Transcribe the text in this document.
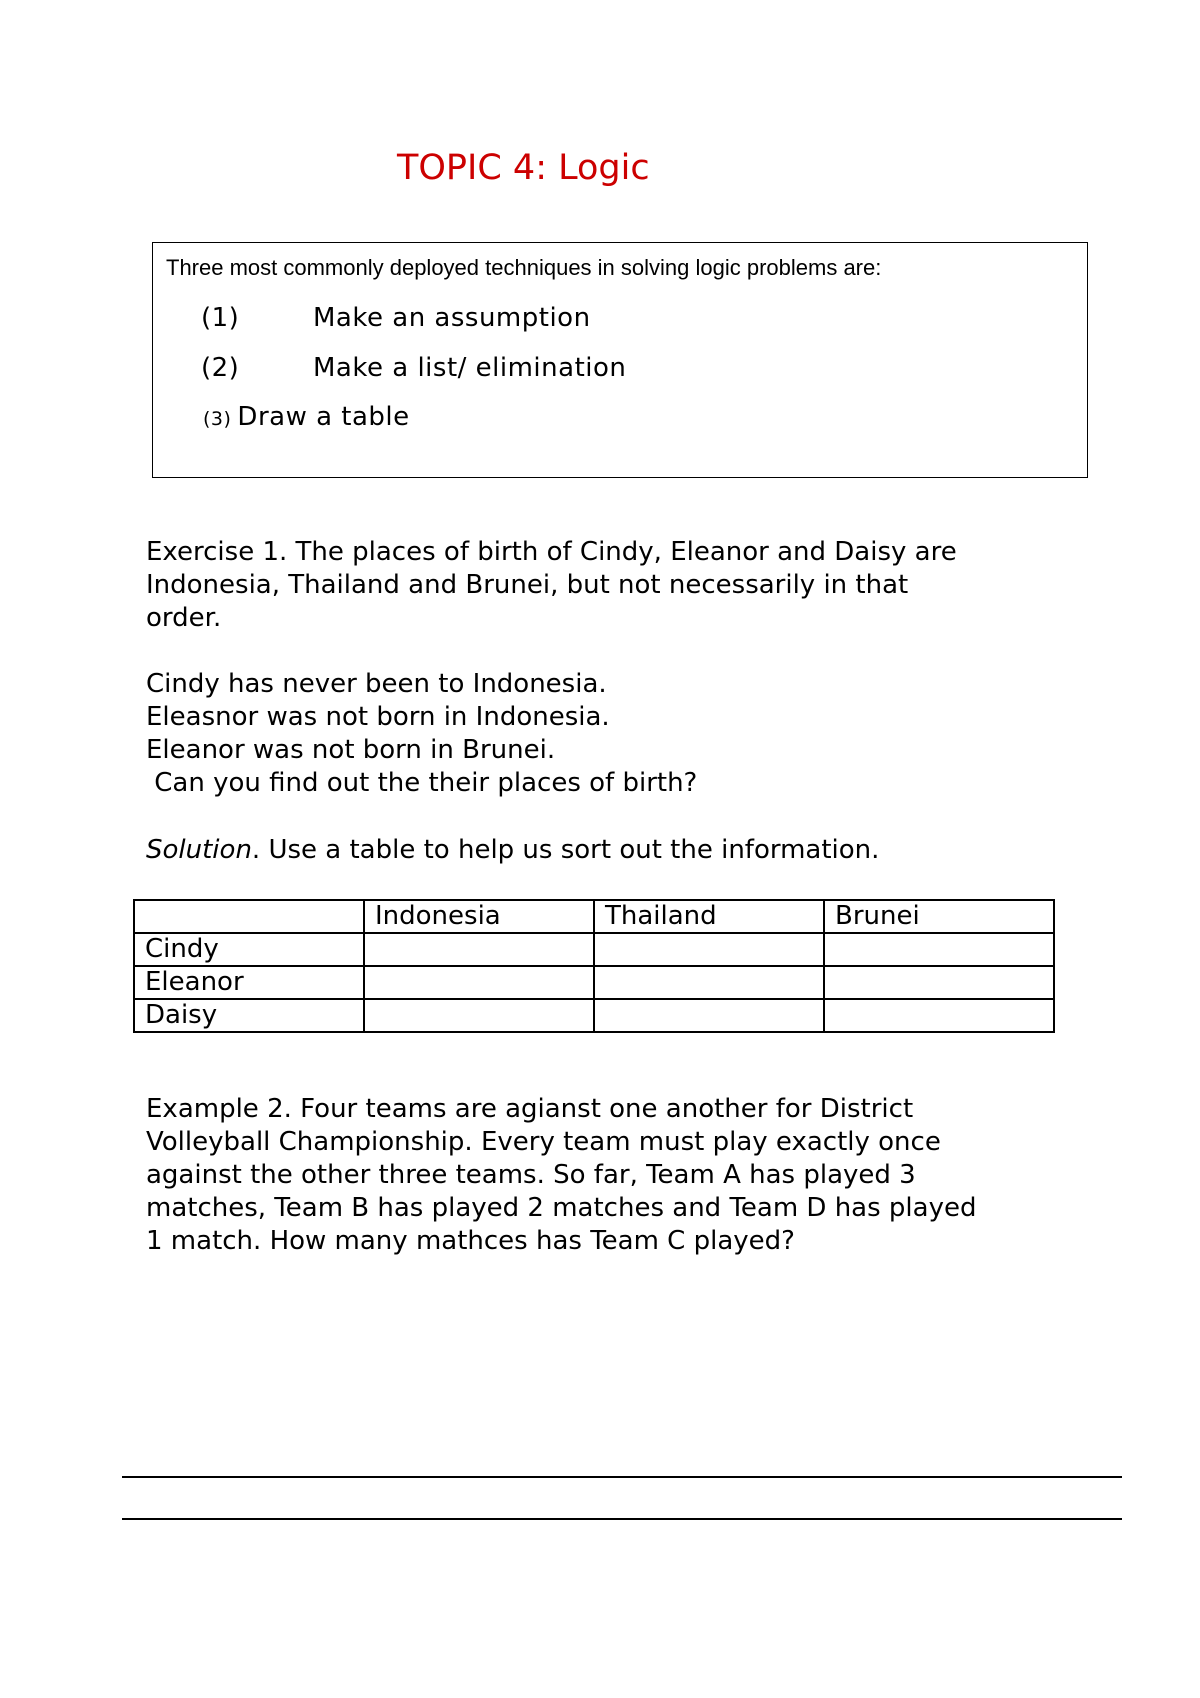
TOPIC 4: Logic
Three most commonly deployed techniques in solving logic problems are:
(1)	Make an assumption
(2)	Make a list/ elimination
(3) Draw a table
Exercise 1. The places of birth of Cindy, Eleanor and Daisy are
Indonesia, Thailand and Brunei, but not necessarily in that
order.
Cindy has never been to Indonesia.
Eleasnor was not born in Indonesia.
Eleanor was not born in Brunei.
Can you find out the their places of birth?
Solution. Use a table to help us sort out the information.
	Indonesia	Thailand	Brunei
Cindy			
Eleanor			
Daisy			
Example 2. Four teams are agianst one another for District
Volleyball Championship. Every team must play exactly once
against the other three teams. So far, Team A has played 3
matches, Team B has played 2 matches and Team D has played
1 match. How many mathces has Team C played?
